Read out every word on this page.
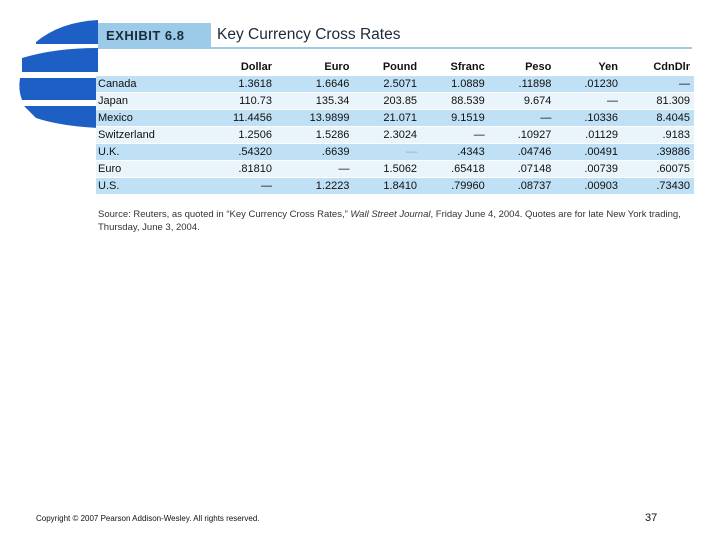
EXHIBIT 6.8	Key Currency Cross Rates
	Dollar	Euro	Pound	Sfranc	Peso	Yen	CdnDlr
Canada	1.3618	1.6646	2.5071	1.0889	.11898	.01230	—
Japan	110.73	135.34	203.85	88.539	9.674	—	81.309
Mexico	11.4456	13.9899	21.071	9.1519	—	.10336	8.4045
Switzerland	1.2506	1.5286	2.3024	—	.10927	.01129	.9183
U.K.	.54320	.6639	—	.4343	.04746	.00491	.39886
Euro	.81810	—	1.5062	.65418	.07148	.00739	.60075
U.S.	—	1.2223	1.8410	.79960	.08737	.00903	.73430
Source: Reuters, as quoted in “Key Currency Cross Rates,” Wall Street Journal, Friday June 4, 2004. Quotes are for late New York trading, Thursday, June 3, 2004.
Copyright © 2007 Pearson Addison-Wesley. All rights reserved.	37
